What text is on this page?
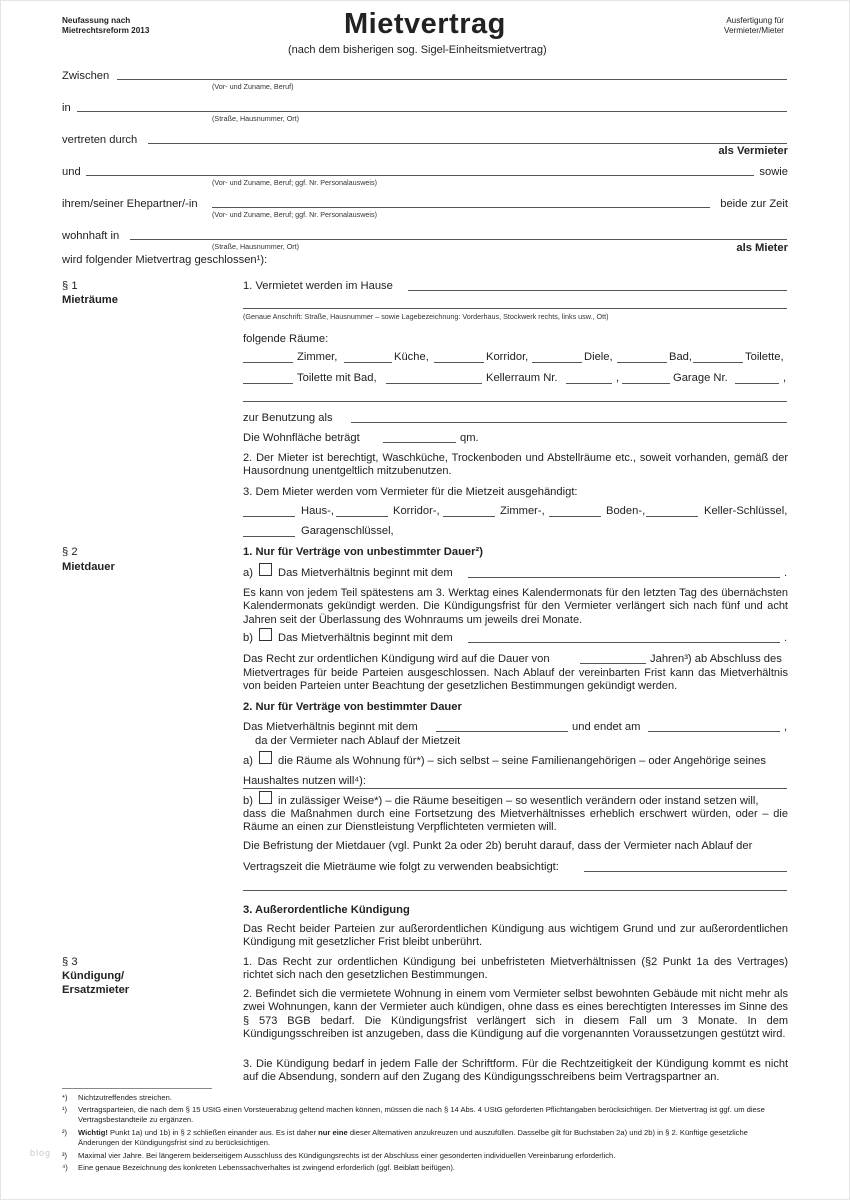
Neufassung nach
Mietrechtsreform 2013	Mietvertrag
(nach dem bisherigen sog. Sigel-Einheitsmietvertrag)
Ausfertigung für
Vermieter/Mieter
Zwischen
(Vor- und Zuname, Beruf)
in
(Straße, Hausnummer, Ort)
vertreten durch
als Vermieter
und	sowie
(Vor- und Zuname, Beruf; ggf. Nr. Personalausweis)
ihrem/seiner Ehepartner/-in	beide zur Zeit
(Vor- und Zuname, Beruf; ggf. Nr. Personalausweis)
wohnhaft in
(Straße, Hausnummer, Ort)	als Mieter
wird folgender Mietvertrag geschlossen¹):
§ 1
Mieträume
1. Vermietet werden im Hause
(Genaue Anschrift: Straße, Hausnummer – sowie Lagebezeichnung: Vorderhaus, Stockwerk rechts, links usw., Ott)
folgende Räume:
Zimmer,	Küche,	Korridor,	Diele,	Bad,	Toilette,
Toilette mit Bad,	Kellerraum Nr.	,	Garage Nr.	,
zur Benutzung als
Die Wohnfläche beträgt	qm.
2. Der Mieter ist berechtigt, Waschküche, Trockenboden und Abstellräume etc., soweit vorhanden, gemäß der Hausordnung unentgeltlich mitzubenutzen.
3. Dem Mieter werden vom Vermieter für die Mietzeit ausgehändigt:
Haus-,	Korridor-,	Zimmer-,	Boden-,	Keller-Schlüssel,
Garagenschlüssel,
§ 2
Mietdauer
1. Nur für Verträge von unbestimmter Dauer²)
a) Das Mietverhältnis beginnt mit dem	.
Es kann von jedem Teil spätestens am 3. Werktag eines Kalendermonats für den letzten Tag des übernächsten Kalendermonats gekündigt werden. Die Kündigungsfrist für den Vermieter verlängert sich nach fünf und acht Jahren seit der Überlassung des Wohnraums um jeweils drei Monate.
b) Das Mietverhältnis beginnt mit dem	.
Das Recht zur ordentlichen Kündigung wird auf die Dauer von	Jahren³) ab Abschluss des
Mietvertrages für beide Parteien ausgeschlossen. Nach Ablauf der vereinbarten Frist kann das Mietverhältnis von beiden Parteien unter Beachtung der gesetzlichen Bestimmungen gekündigt werden.
2. Nur für Verträge von bestimmter Dauer
Das Mietverhältnis beginnt mit dem	und endet am	,
da der Vermieter nach Ablauf der Mietzeit
a) die Räume als Wohnung für*) – sich selbst – seine Familienangehörigen – oder Angehörige seines
Haushaltes nutzen will⁴):
b) in zulässiger Weise*) – die Räume beseitigen – so wesentlich verändern oder instand setzen will,
dass die Maßnahmen durch eine Fortsetzung des Mietverhältnisses erheblich erschwert würden, oder – die Räume an einen zur Dienstleistung Verpflichteten vermieten will.
Die Befristung der Mietdauer (vgl. Punkt 2a oder 2b) beruht darauf, dass der Vermieter nach Ablauf der
Vertragszeit die Mieträume wie folgt zu verwenden beabsichtigt:
3. Außerordentliche Kündigung
Das Recht beider Parteien zur außerordentlichen Kündigung aus wichtigem Grund und zur außerordentlichen Kündigung mit gesetzlicher Frist bleibt unberührt.
§ 3
Kündigung/
Ersatzmieter
1. Das Recht zur ordentlichen Kündigung bei unbefristeten Mietverhältnissen (§2 Punkt 1a des Vertrages) richtet sich nach den gesetzlichen Bestimmungen.
2. Befindet sich die vermietete Wohnung in einem vom Vermieter selbst bewohnten Gebäude mit nicht mehr als zwei Wohnungen, kann der Vermieter auch kündigen, ohne dass es eines berechtigten Interesses im Sinne des § 573 BGB bedarf. Die Kündigungsfrist verlängert sich in diesem Fall um 3 Monate. In dem Kündigungsschreiben ist anzugeben, dass die Kündigung auf die vorgenannten Voraussetzungen gestützt wird.
3. Die Kündigung bedarf in jedem Falle der Schriftform. Für die Rechtzeitigkeit der Kündigung kommt es nicht auf die Absendung, sondern auf den Zugang des Kündigungsschreibens beim Vertragspartner an.
*)	Nichtzutreffendes streichen.
¹)	Vertragsparteien, die nach dem § 15 UStG einen Vorsteuerabzug geltend machen können, müssen die nach § 14 Abs. 4 UStG geforderten Pflichtangaben berücksichtigen. Der Mietvertrag ist ggf. um diese Vertragsbestandteile zu ergänzen.
²)	Wichtig! Punkt 1a) und 1b) in § 2 schließen einander aus. Es ist daher nur eine dieser Alternativen anzukreuzen und auszufüllen. Dasselbe gilt für Buchstaben 2a) und 2b) in § 2. Künftige gesetzliche Änderungen der Kündigungsfrist sind zu berücksichtigen.
³)	Maximal vier Jahre. Bei längerem beiderseitigem Ausschluss des Kündigungsrechts ist der Abschluss einer gesonderten individuellen Vereinbarung erforderlich.
⁴)	Eine genaue Bezeichnung des konkreten Lebenssachverhaltes ist zwingend erforderlich (ggf. Beiblatt beifügen).
blog
